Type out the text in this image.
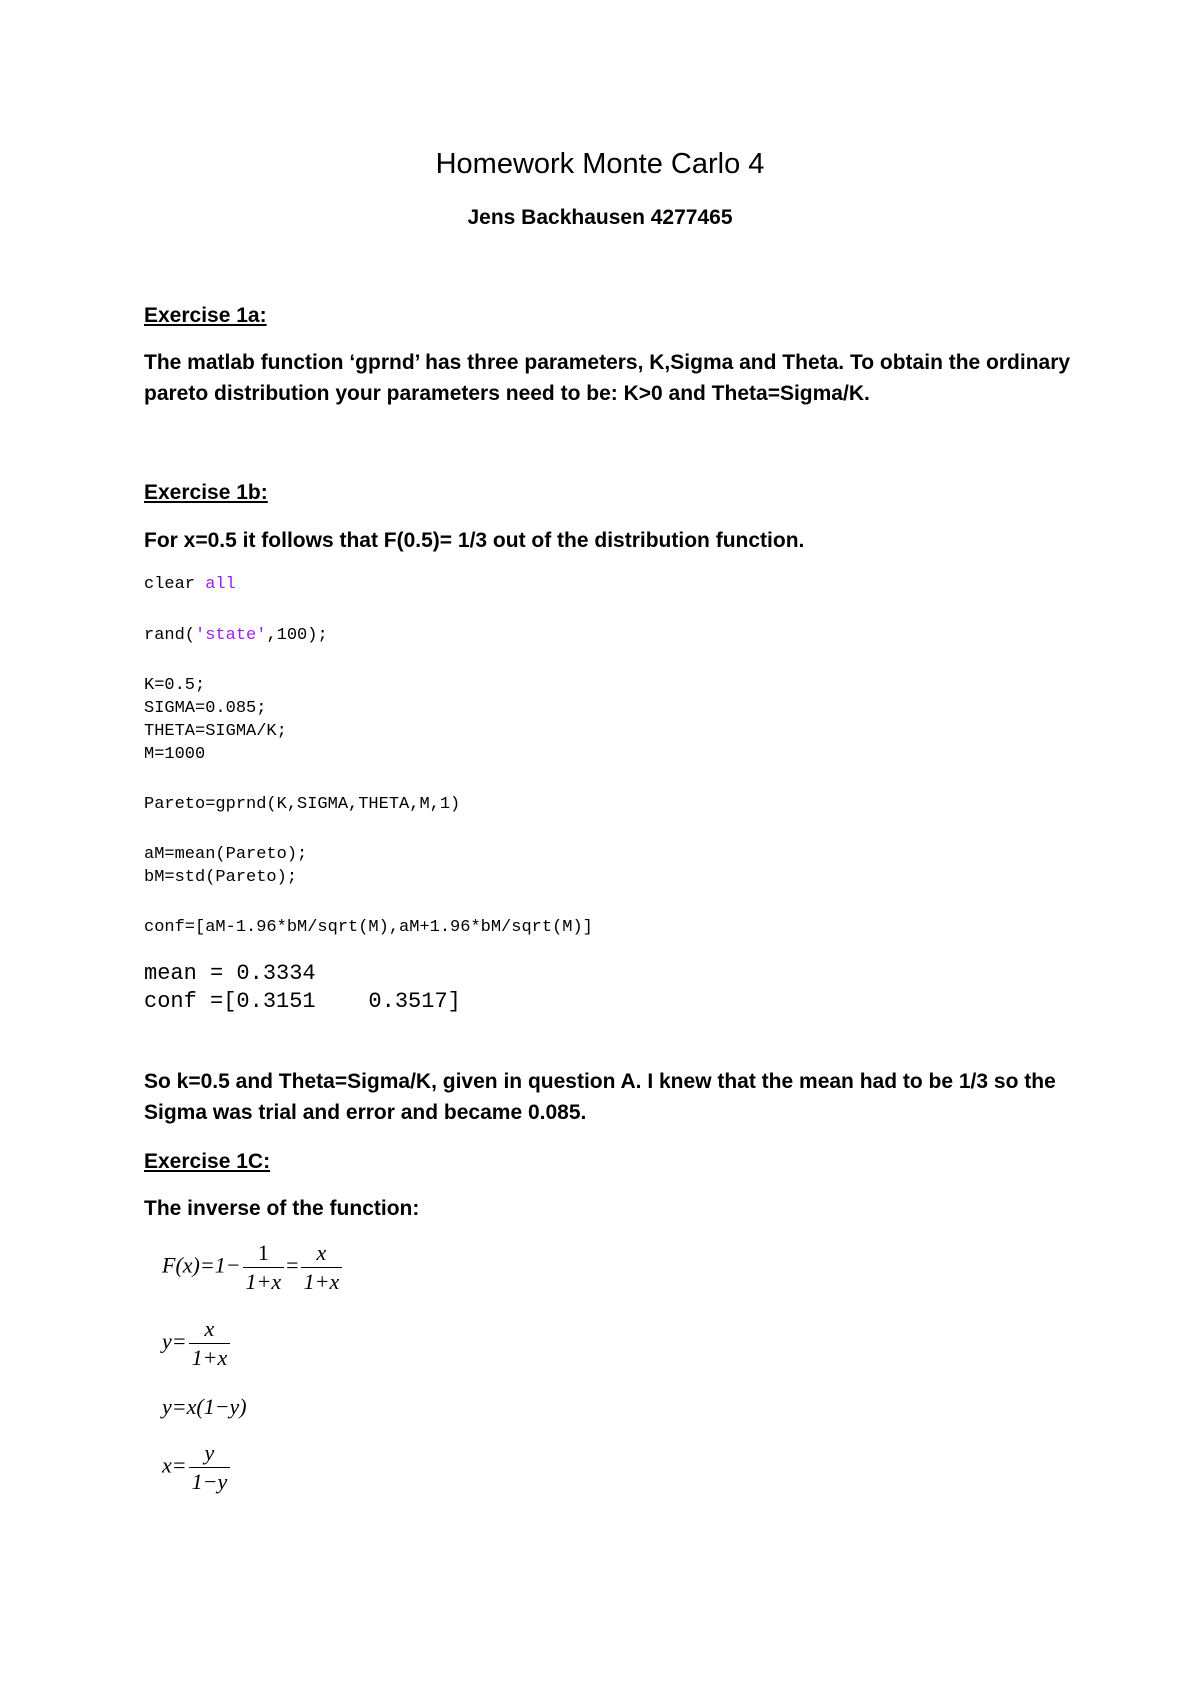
Homework Monte Carlo 4
Jens Backhausen 4277465
Exercise 1a:
The matlab function ‘gprnd’ has three parameters, K,Sigma and Theta. To obtain the ordinary
pareto distribution your parameters need to be: K>0 and Theta=Sigma/K.
Exercise 1b:
For x=0.5 it follows that F(0.5)= 1/3 out of the distribution function.
clear all
rand('state',100);
K=0.5;
SIGMA=0.085;
THETA=SIGMA/K;
M=1000
Pareto=gprnd(K,SIGMA,THETA,M,1)
aM=mean(Pareto);
bM=std(Pareto);
conf=[aM-1.96*bM/sqrt(M),aM+1.96*bM/sqrt(M)]
mean = 0.3334
conf =[0.3151    0.3517]
So k=0.5 and Theta=Sigma/K, given in question A. I knew that the mean had to be 1/3 so the
Sigma was trial and error and became 0.085.
Exercise 1C:
The inverse of the function:
$F(x)=1- \frac{1}{1+x} = \frac{x}{1+x}$
$y= \frac{x}{1+x}$
y=x(1−y)
$x= \frac{y}{1-y}$
